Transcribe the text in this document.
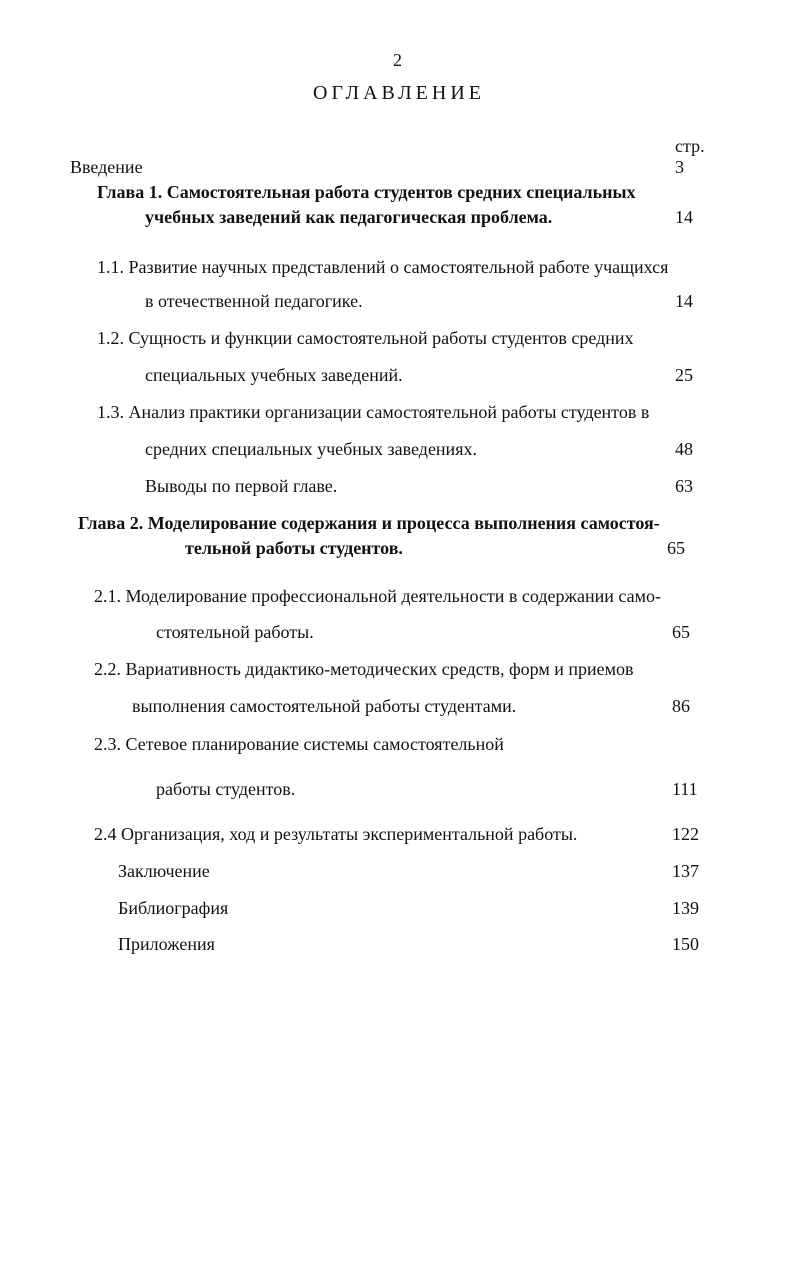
2
ОГЛАВЛЕНИЕ
стр.
Введение	3
Глава 1. Самостоятельная работа студентов средних специальных
учебных заведений как педагогическая проблема.	14
1.1. Развитие научных представлений о самостоятельной работе учащихся
в отечественной педагогике.	14
1.2. Сущность и функции самостоятельной работы студентов средних
специальных учебных заведений.	25
1.3. Анализ практики организации самостоятельной работы студентов в
средних специальных учебных заведениях.	48
Выводы по первой главе.	63
Глава 2. Моделирование содержания и процесса выполнения самостоя-
тельной работы студентов.	65
2.1. Моделирование профессиональной деятельности в содержании само-
стоятельной работы.	65
2.2. Вариативность дидактико-методических средств, форм и приемов
выполнения самостоятельной работы студентами.	86
2.3. Сетевое планирование системы самостоятельной
работы студентов.	111
2.4 Организация, ход и результаты экспериментальной работы.	122
Заключение	137
Библиография	139
Приложения	150
